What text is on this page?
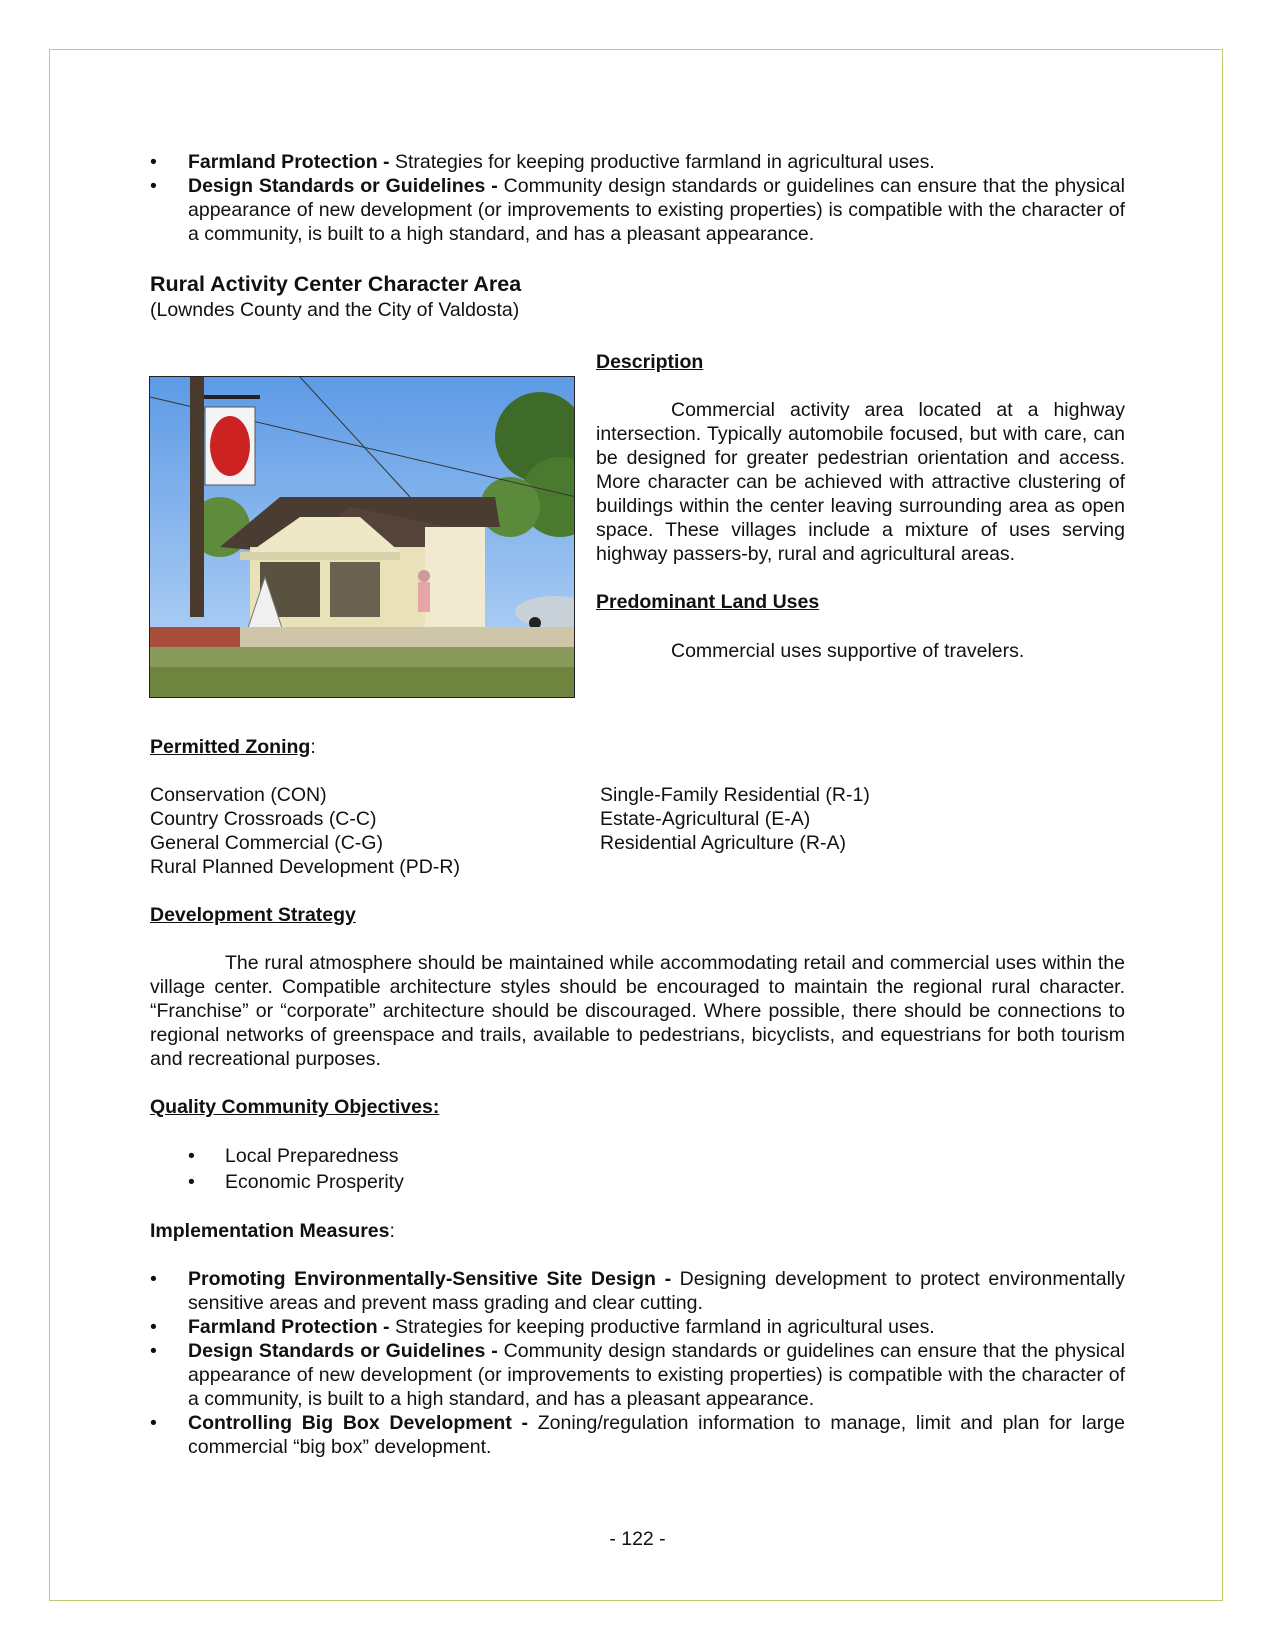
• Farmland Protection - Strategies for keeping productive farmland in agricultural uses.

• Design Standards or Guidelines - Community design standards or guidelines can ensure that the physical appearance of new development (or improvements to existing properties) is compatible with the character of a community, is built to a high standard, and has a pleasant appearance.

Rural Activity Center Character Area

(Lowndes County and the City of Valdosta)

Description

Commercial activity area located at a highway intersection. Typically automobile focused, but with care, can be designed for greater pedestrian orientation and access. More character can be achieved with attractive clustering of buildings within the center leaving surrounding area as open space. These villages include a mixture of uses serving highway passers-by, rural and agricultural areas.

Predominant Land Uses

Commercial uses supportive of travelers.

Permitted Zoning:

Conservation (CON)
Country Crossroads (C-C)
General Commercial (C-G)
Rural Planned Development (PD-R)
Single-Family Residential (R-1)
Estate-Agricultural (E-A)
Residential Agriculture (R-A)

Development Strategy

The rural atmosphere should be maintained while accommodating retail and commercial uses within the village center. Compatible architecture styles should be encouraged to maintain the regional rural character. “Franchise” or “corporate” architecture should be discouraged. Where possible, there should be connections to regional networks of greenspace and trails, available to pedestrians, bicyclists, and equestrians for both tourism and recreational purposes.

Quality Community Objectives:

• Local Preparedness

• Economic Prosperity

Implementation Measures:

• Promoting Environmentally-Sensitive Site Design - Designing development to protect environmentally sensitive areas and prevent mass grading and clear cutting.

• Farmland Protection - Strategies for keeping productive farmland in agricultural uses.

• Design Standards or Guidelines - Community design standards or guidelines can ensure that the physical appearance of new development (or improvements to existing properties) is compatible with the character of a community, is built to a high standard, and has a pleasant appearance.

• Controlling Big Box Development - Zoning/regulation information to manage, limit and plan for large commercial “big box” development.

- 122 -
